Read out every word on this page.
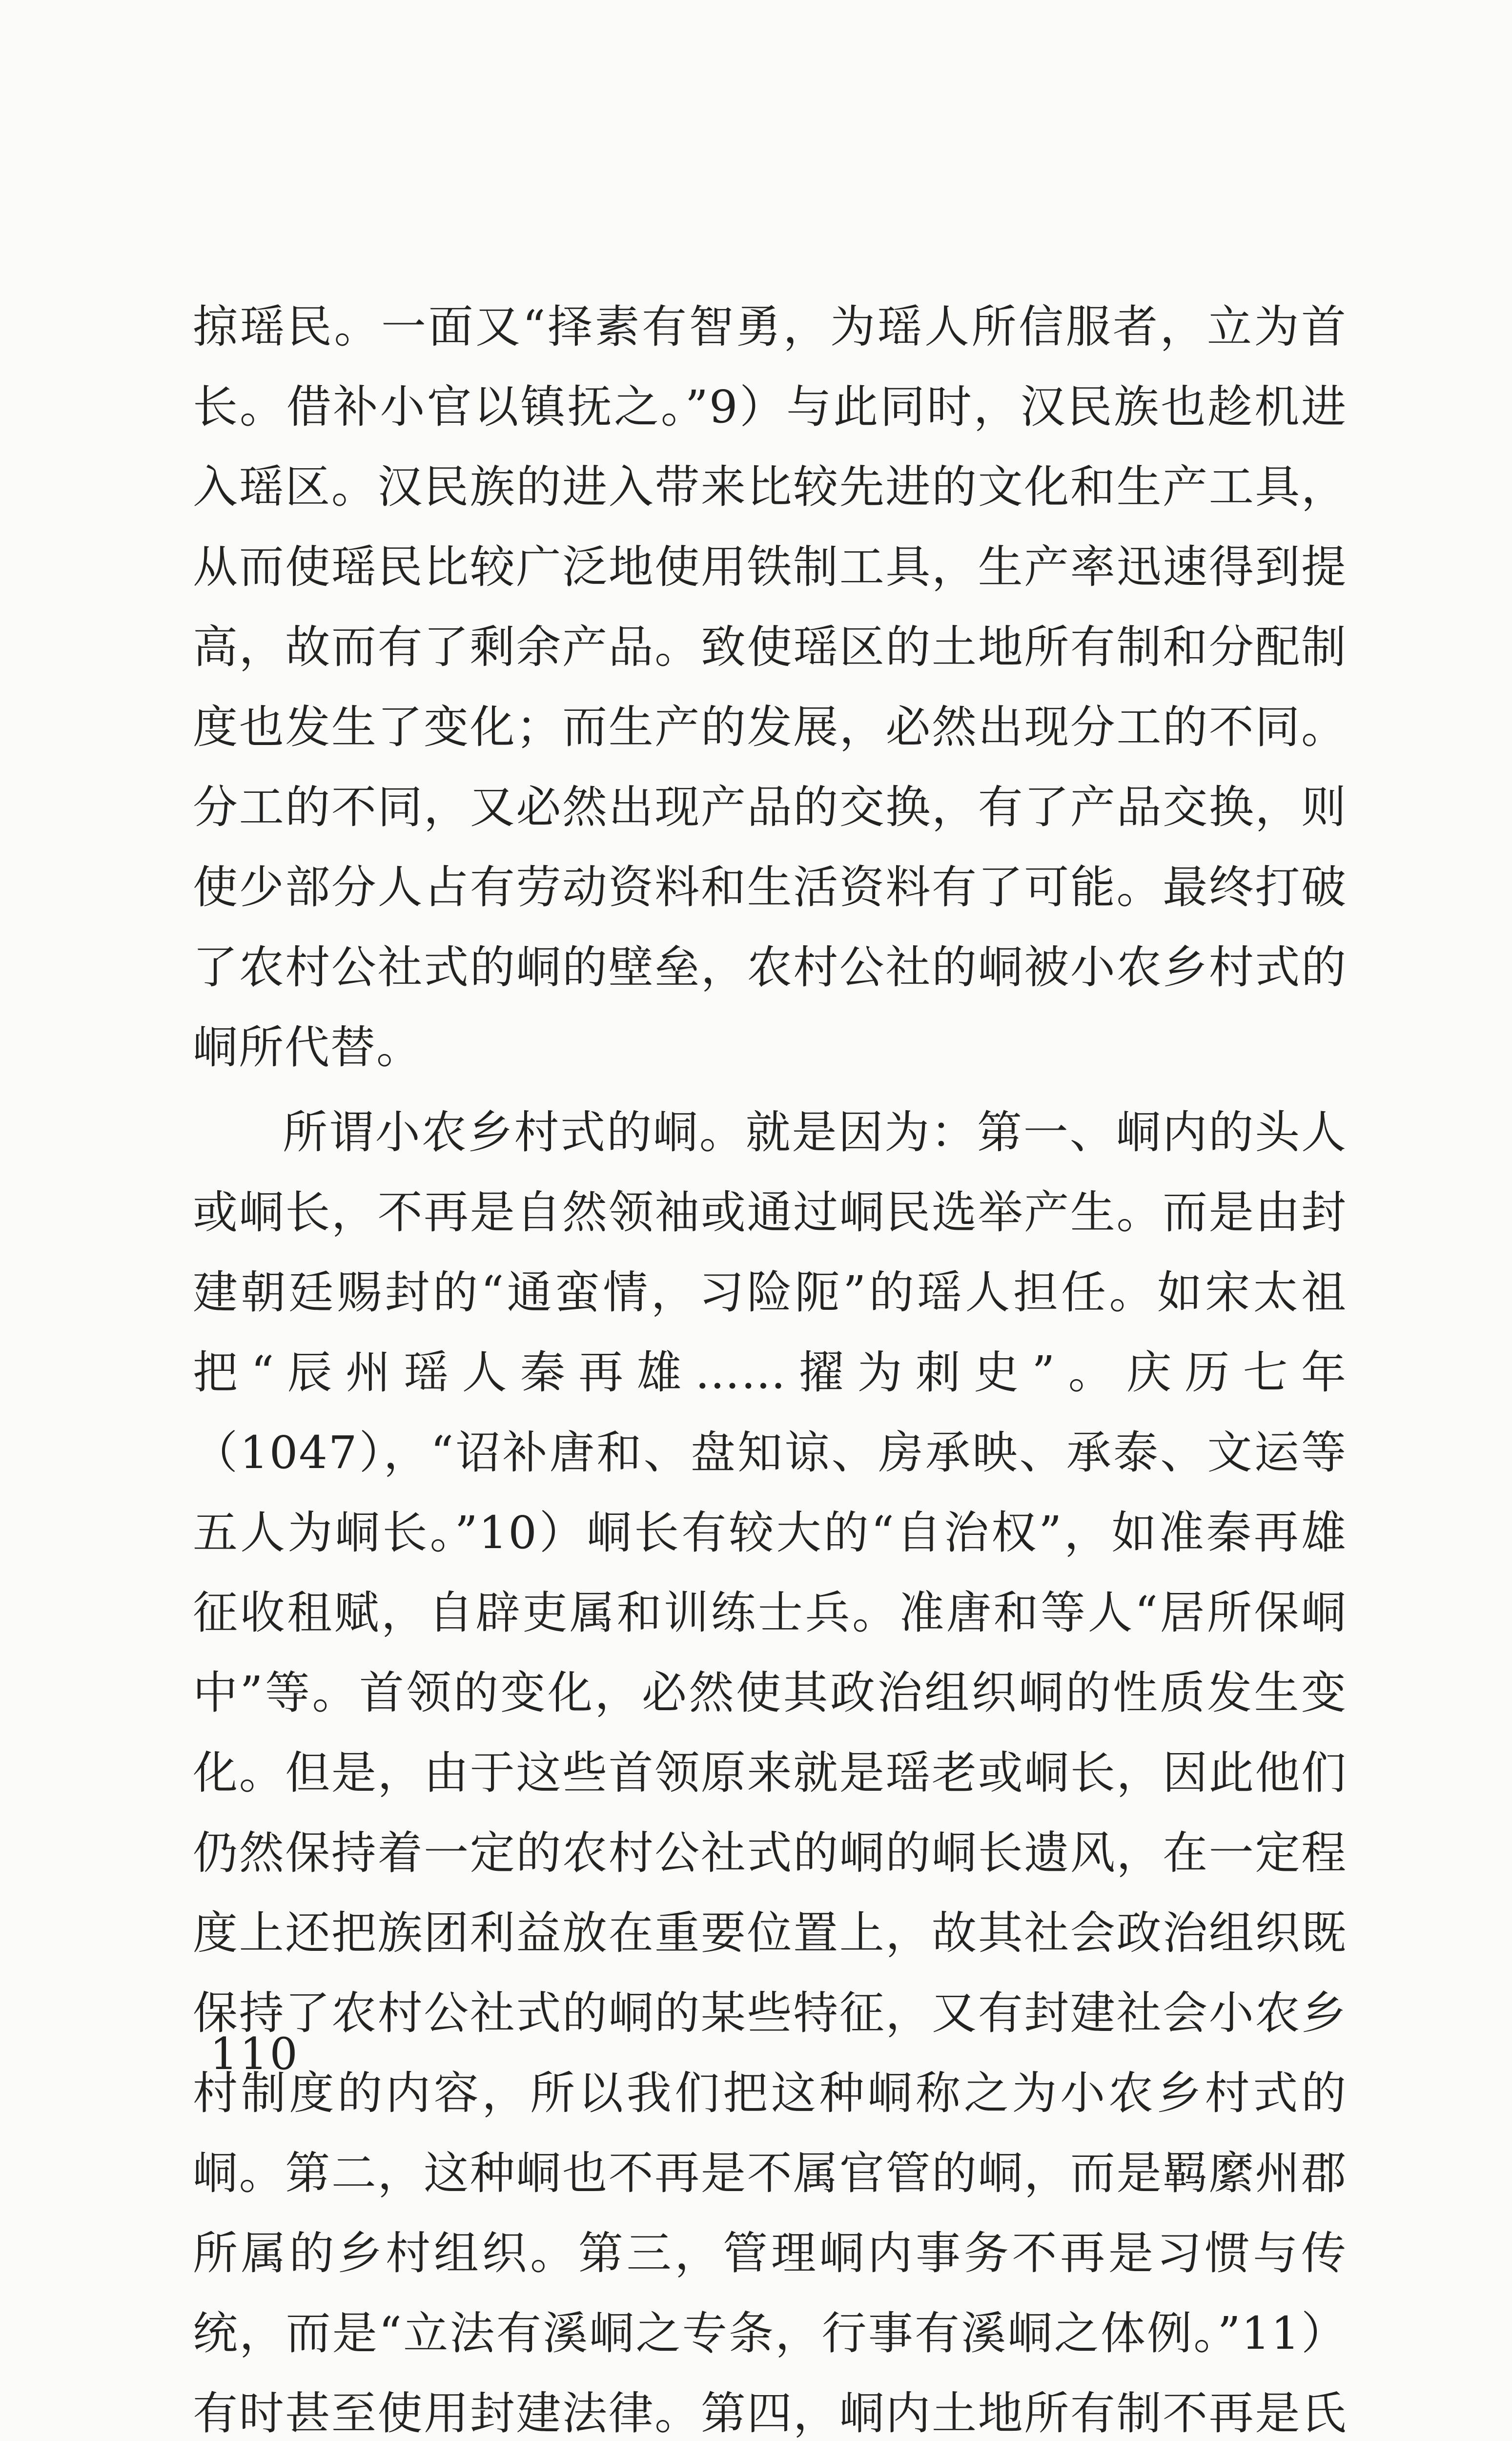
掠瑶民。一面又“择素有智勇，为瑶人所信服者，立为首长。借补小官以镇抚之。”9）与此同时，汉民族也趁机进入瑶区。汉民族的进入带来比较先进的文化和生产工具，从而使瑶民比较广泛地使用铁制工具，生产率迅速得到提高，故而有了剩余产品。致使瑶区的土地所有制和分配制度也发生了变化；而生产的发展，必然出现分工的不同。分工的不同，又必然出现产品的交换，有了产品交换，则使少部分人占有劳动资料和生活资料有了可能。最终打破了农村公社式的峒的壁垒，农村公社的峒被小农乡村式的峒所代替。

所谓小农乡村式的峒。就是因为：第一、峒内的头人或峒长，不再是自然领袖或通过峒民选举产生。而是由封建朝廷赐封的“通蛮情，习险阨”的瑶人担任。如宋太祖把“辰州瑶人秦再雄……擢为刺史”。庆历七年（1047），“诏补唐和、盘知谅、房承映、承泰、文运等五人为峒长。”10）峒长有较大的“自治权”，如准秦再雄征收租赋，自辟吏属和训练士兵。准唐和等人“居所保峒中”等。首领的变化，必然使其政治组织峒的性质发生变化。但是，由于这些首领原来就是瑶老或峒长，因此他们仍然保持着一定的农村公社式的峒的峒长遗风，在一定程度上还把族团利益放在重要位置上，故其社会政治组织既保持了农村公社式的峒的某些特征，又有封建社会小农乡村制度的内容，所以我们把这种峒称之为小农乡村式的峒。第二，这种峒也不再是不属官管的峒，而是羁縻州郡所属的乡村组织。第三，管理峒内事务不再是习惯与传统，而是“立法有溪峒之专条，行事有溪峒之体例。”11）有时甚至使用封建法律。第四，峒内土地所有制不再是氏

110
